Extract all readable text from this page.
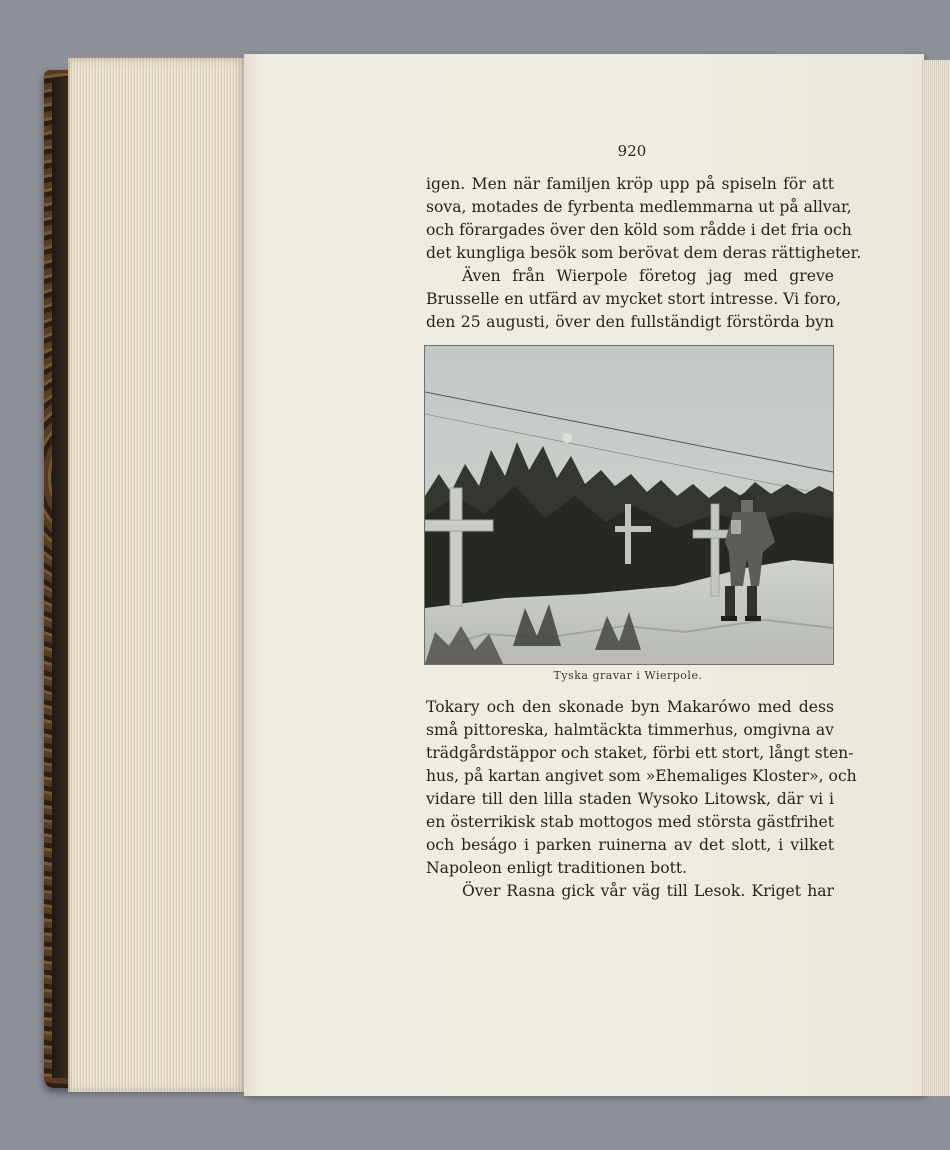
920
igen. Men när familjen kröp upp på spiseln för att
sova, motades de fyrbenta medlemmarna ut på allvar,
och förargades över den köld som rådde i det fria och
det kungliga besök som berövat dem deras rättigheter.
Även från Wierpole företog jag med greve
Brusselle en utfärd av mycket stort intresse. Vi foro,
den 25 augusti, över den fullständigt förstörda byn
Tyska gravar i Wierpole.
Tokary och den skonade byn Makarówo med dess
små pittoreska, halmtäckta timmerhus, omgivna av
trädgårdstäppor och staket, förbi ett stort, långt sten-
hus, på kartan angivet som »Ehemaliges Kloster», och
vidare till den lilla staden Wysoko Litowsk, där vi i
en österrikisk stab mottogos med största gästfrihet
och beságo i parken ruinerna av det slott, i vilket
Napoleon enligt traditionen bott.
Över Rasna gick vår väg till Lesok. Kriget har
